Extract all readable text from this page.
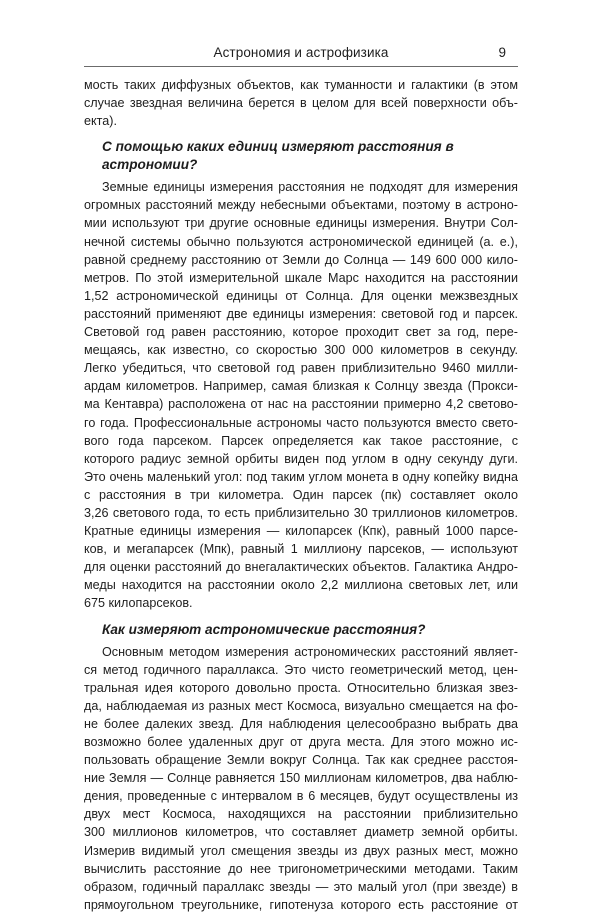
Астрономия и астрофизика	9

мость таких диффузных объектов, как туманности и галактики (в этом
случае звездная величина берется в целом для всей поверхности объ-
екта).

С помощью каких единиц измеряют расстояния в астрономии?

Земные единицы измерения расстояния не подходят для измерения
огромных расстояний между небесными объектами, поэтому в астроно-
мии используют три другие основные единицы измерения. Внутри Сол-
нечной системы обычно пользуются астрономической единицей (а. е.),
равной среднему расстоянию от Земли до Солнца — 149 600 000 кило-
метров. По этой измерительной шкале Марс находится на расстоянии
1,52 астрономической единицы от Солнца. Для оценки межзвездных
расстояний применяют две единицы измерения: световой год и парсек.
Световой год равен расстоянию, которое проходит свет за год, пере-
мещаясь, как известно, со скоростью 300 000 километров в секунду.
Легко убедиться, что световой год равен приблизительно 9460 милли-
ардам километров. Например, самая близкая к Солнцу звезда (Прокси-
ма Кентавра) расположена от нас на расстоянии примерно 4,2 светово-
го года. Профессиональные астрономы часто пользуются вместо свето-
вого года парсеком. Парсек определяется как такое расстояние, с
которого радиус земной орбиты виден под углом в одну секунду дуги.
Это очень маленький угол: под таким углом монета в одну копейку видна
с расстояния в три километра. Один парсек (пк) составляет около
3,26 светового года, то есть приблизительно 30 триллионов километров.
Кратные единицы измерения — килопарсек (Кпк), равный 1000 парсе-
ков, и мегапарсек (Мпк), равный 1 миллиону парсеков, — используют
для оценки расстояний до внегалактических объектов. Галактика Андро-
меды находится на расстоянии около 2,2 миллиона световых лет, или
675 килопарсеков.

Как измеряют астрономические расстояния?

Основным методом измерения астрономических расстояний являет-
ся метод годичного параллакса. Это чисто геометрический метод, цен-
тральная идея которого довольно проста. Относительно близкая звез-
да, наблюдаемая из разных мест Космоса, визуально смещается на фо-
не более далеких звезд. Для наблюдения целесообразно выбрать два
возможно более удаленных друг от друга места. Для этого можно ис-
пользовать обращение Земли вокруг Солнца. Так как среднее расстоя-
ние Земля — Солнце равняется 150 миллионам километров, два наблю-
дения, проведенные с интервалом в 6 месяцев, будут осуществлены из
двух мест Космоса, находящихся на расстоянии приблизительно
300 миллионов километров, что составляет диаметр земной орбиты.
Измерив видимый угол смещения звезды из двух разных мест, можно
вычислить расстояние до нее тригонометрическими методами. Таким
образом, годичный параллакс звезды — это малый угол (при звезде) в
прямоугольном треугольнике, гипотенуза которого есть расстояние от
